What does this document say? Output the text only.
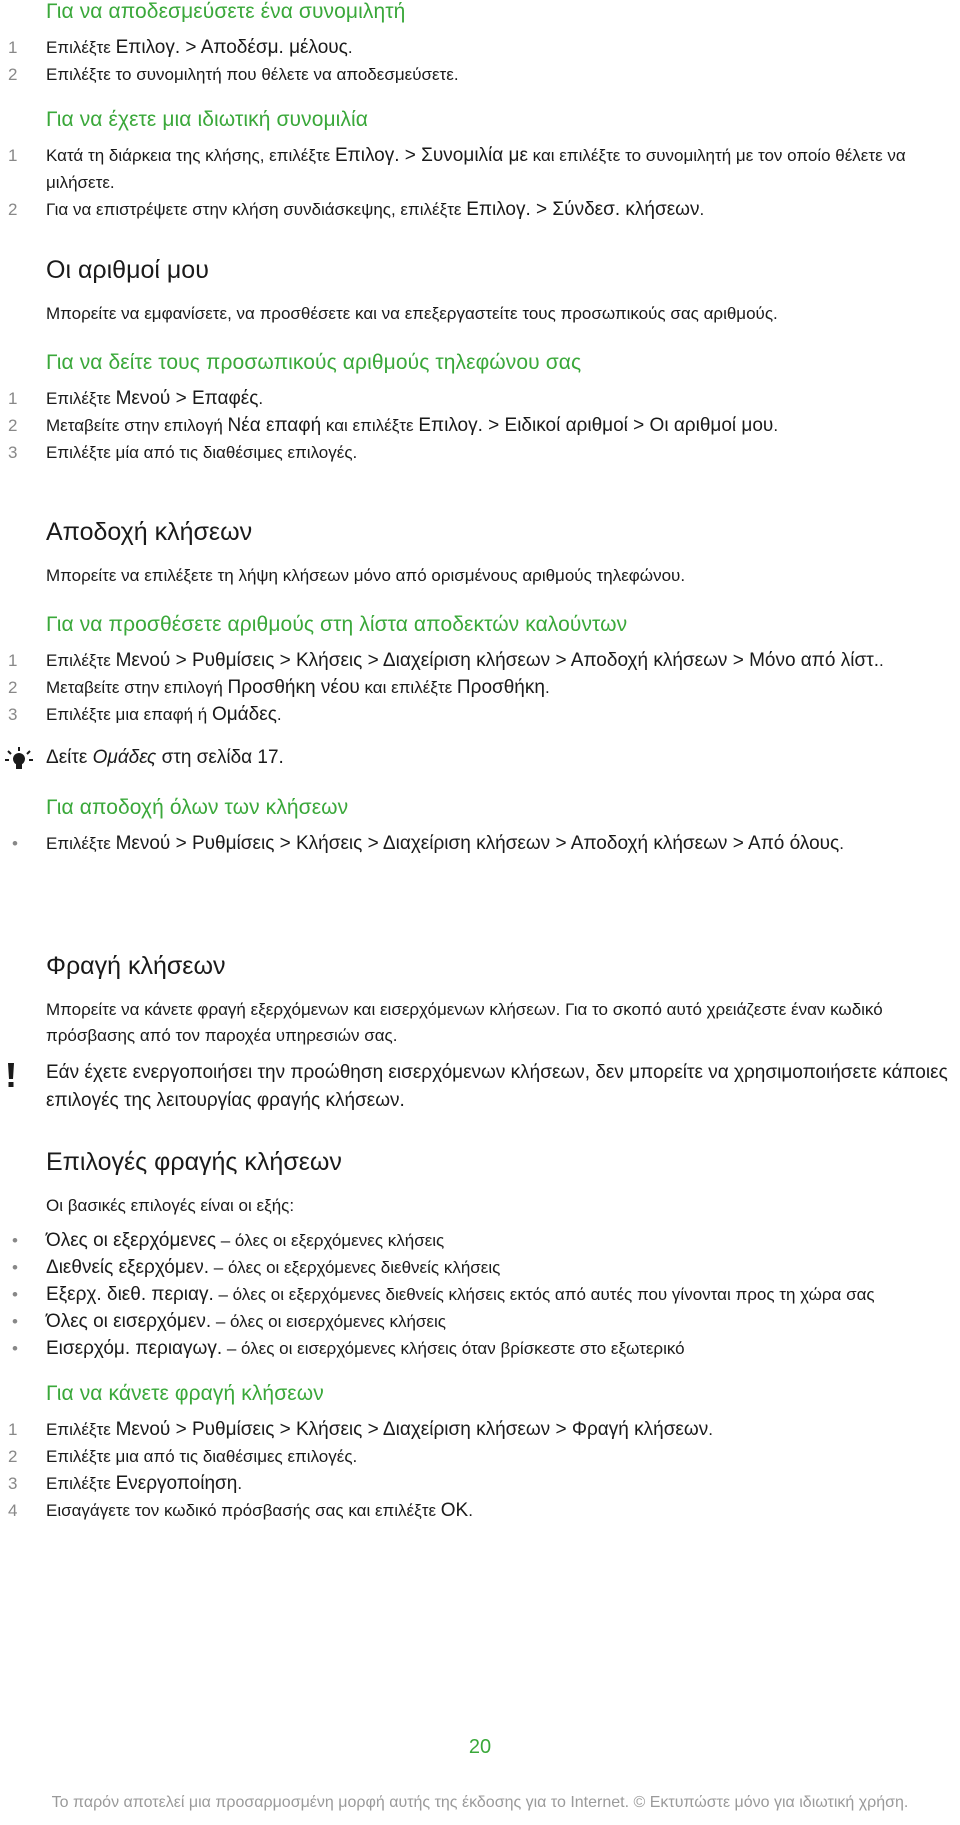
Για να αποδεσμεύσετε ένα συνομιλητή
1 Επιλέξτε Επιλογ. > Αποδέσμ. μέλους.
2 Επιλέξτε το συνομιλητή που θέλετε να αποδεσμεύσετε.
Για να έχετε μια ιδιωτική συνομιλία
1 Κατά τη διάρκεια της κλήσης, επιλέξτε Επιλογ. > Συνομιλία με και επιλέξτε το συνομιλητή με τον οποίο θέλετε να μιλήσετε.
2 Για να επιστρέψετε στην κλήση συνδιάσκεψης, επιλέξτε Επιλογ. > Σύνδεσ. κλήσεων.
Οι αριθμοί μου
Μπορείτε να εμφανίσετε, να προσθέσετε και να επεξεργαστείτε τους προσωπικούς σας αριθμούς.
Για να δείτε τους προσωπικούς αριθμούς τηλεφώνου σας
1 Επιλέξτε Μενού > Επαφές.
2 Μεταβείτε στην επιλογή Νέα επαφή και επιλέξτε Επιλογ. > Ειδικοί αριθμοί > Οι αριθμοί μου.
3 Επιλέξτε μία από τις διαθέσιμες επιλογές.
Αποδοχή κλήσεων
Μπορείτε να επιλέξετε τη λήψη κλήσεων μόνο από ορισμένους αριθμούς τηλεφώνου.
Για να προσθέσετε αριθμούς στη λίστα αποδεκτών καλούντων
1 Επιλέξτε Μενού > Ρυθμίσεις > Κλήσεις > Διαχείριση κλήσεων > Αποδοχή κλήσεων > Μόνο από λίστ..
2 Μεταβείτε στην επιλογή Προσθήκη νέου και επιλέξτε Προσθήκη.
3 Επιλέξτε μια επαφή ή Ομάδες.
Δείτε Ομάδες στη σελίδα 17.
Για αποδοχή όλων των κλήσεων
• Επιλέξτε Μενού > Ρυθμίσεις > Κλήσεις > Διαχείριση κλήσεων > Αποδοχή κλήσεων > Από όλους.
Φραγή κλήσεων
Μπορείτε να κάνετε φραγή εξερχόμενων και εισερχόμενων κλήσεων. Για το σκοπό αυτό χρειάζεστε έναν κωδικό πρόσβασης από τον παροχέα υπηρεσιών σας.
Εάν έχετε ενεργοποιήσει την προώθηση εισερχόμενων κλήσεων, δεν μπορείτε να χρησιμοποιήσετε κάποιες επιλογές της λειτουργίας φραγής κλήσεων.
Επιλογές φραγής κλήσεων
Οι βασικές επιλογές είναι οι εξής:
• Όλες οι εξερχόμενες – όλες οι εξερχόμενες κλήσεις
• Διεθνείς εξερχόμεν. – όλες οι εξερχόμενες διεθνείς κλήσεις
• Εξερχ. διεθ. περιαγ. – όλες οι εξερχόμενες διεθνείς κλήσεις εκτός από αυτές που γίνονται προς τη χώρα σας
• Όλες οι εισερχόμεν. – όλες οι εισερχόμενες κλήσεις
• Εισερχόμ. περιαγωγ. – όλες οι εισερχόμενες κλήσεις όταν βρίσκεστε στο εξωτερικό
Για να κάνετε φραγή κλήσεων
1 Επιλέξτε Μενού > Ρυθμίσεις > Κλήσεις > Διαχείριση κλήσεων > Φραγή κλήσεων.
2 Επιλέξτε μια από τις διαθέσιμες επιλογές.
3 Επιλέξτε Ενεργοποίηση.
4 Εισαγάγετε τον κωδικό πρόσβασής σας και επιλέξτε OK.
20
Το παρόν αποτελεί μια προσαρμοσμένη μορφή αυτής της έκδοσης για το Internet. © Εκτυπώστε μόνο για ιδιωτική χρήση.
